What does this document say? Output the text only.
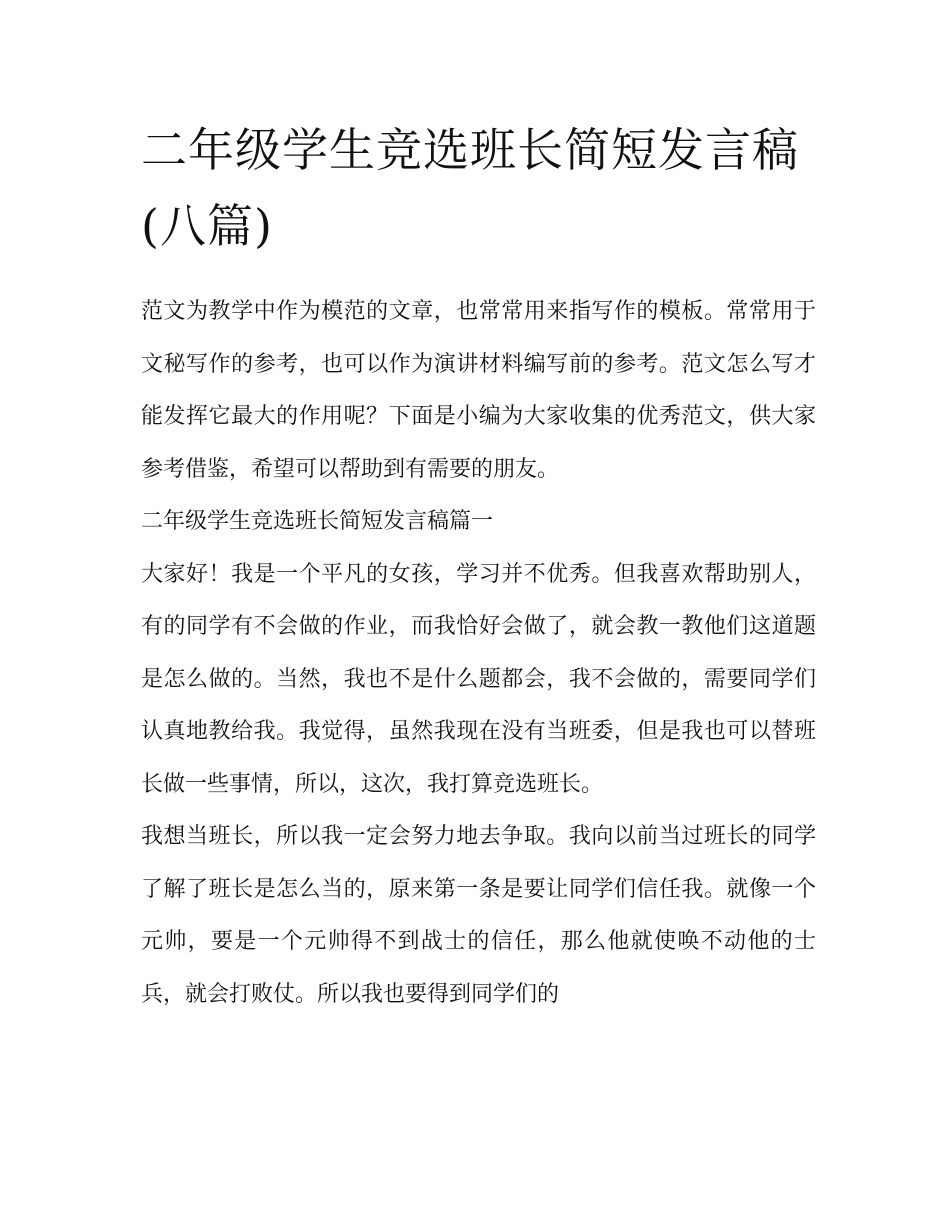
二年级学生竞选班长简短发言稿(八篇)

范文为教学中作为模范的文章，也常常用来指写作的模板。常常用于文秘写作的参考，也可以作为演讲材料编写前的参考。范文怎么写才能发挥它最大的作用呢？下面是小编为大家收集的优秀范文，供大家参考借鉴，希望可以帮助到有需要的朋友。

二年级学生竞选班长简短发言稿篇一

大家好！我是一个平凡的女孩，学习并不优秀。但我喜欢帮助别人，有的同学有不会做的作业，而我恰好会做了，就会教一教他们这道题是怎么做的。当然，我也不是什么题都会，我不会做的，需要同学们认真地教给我。我觉得，虽然我现在没有当班委，但是我也可以替班长做一些事情，所以，这次，我打算竞选班长。

我想当班长，所以我一定会努力地去争取。我向以前当过班长的同学了解了班长是怎么当的，原来第一条是要让同学们信任我。就像一个元帅，要是一个元帅得不到战士的信任，那么他就使唤不动他的士兵，就会打败仗。所以我也要得到同学们的
